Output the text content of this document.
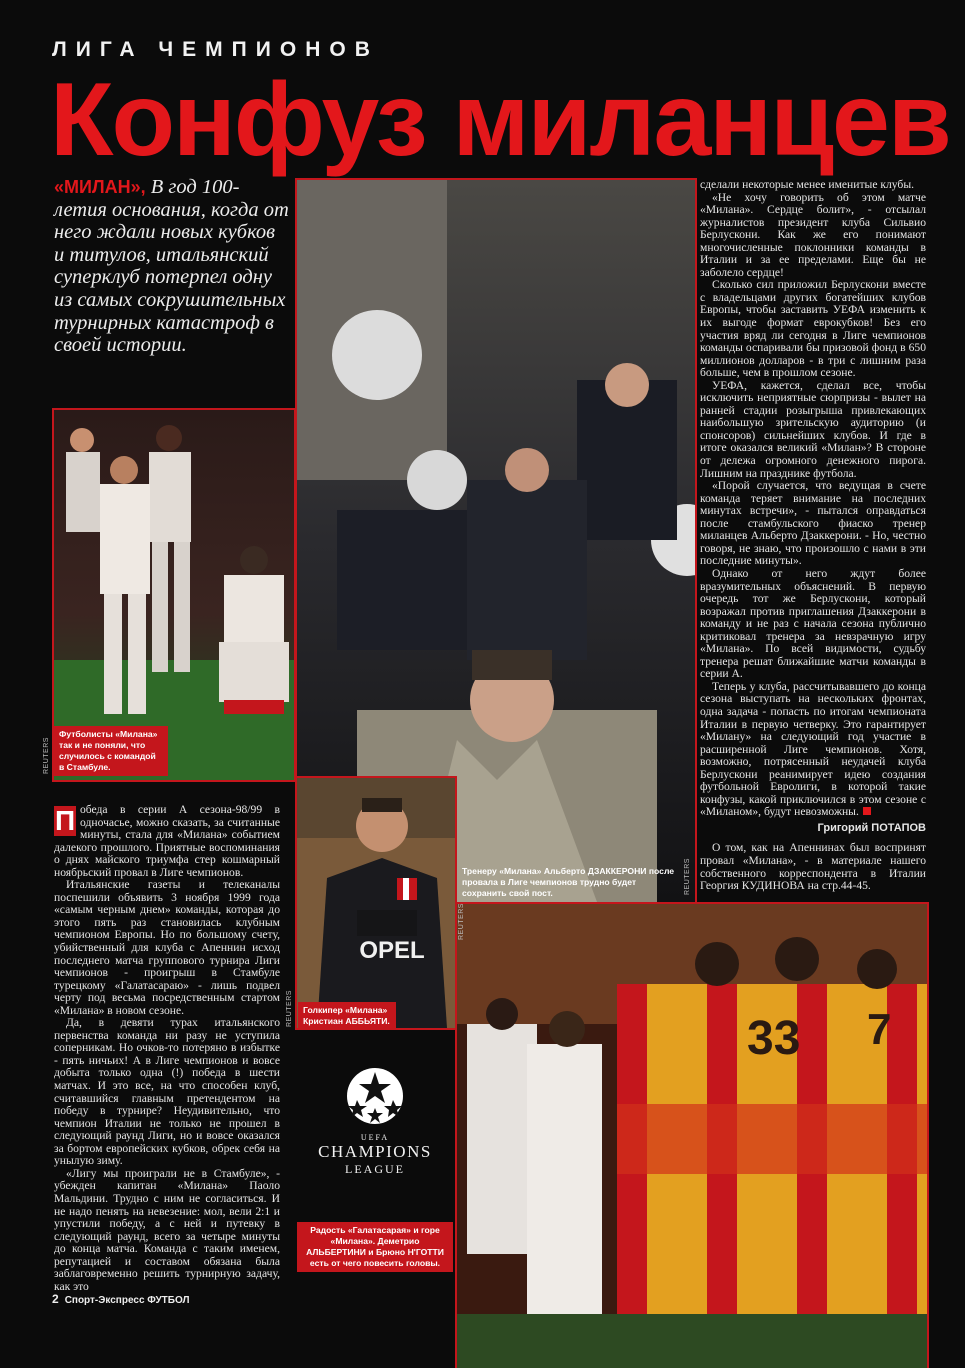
ЛИГА ЧЕМПИОНОВ
Конфуз миланцев
«МИЛАН», В год 100-летия основания, когда от него ждали новых кубков и титулов, итальянский суперклуб потерпел одну из самых сокрушительных турнирных катастроф в своей истории.
Футболисты «Милана» так и не поняли, что случилось с командой в Стамбуле.
REUTERS
Тренеру «Милана» Альберто ДЗАККЕРОНИ после провала в Лиге чемпионов трудно будет сохранить свой пост.	REUTERS
OPEL
Голкипер «Милана» Кристиан АББЬЯТИ.
REUTERS
33 7
Радость «Галатасарая» и горе «Милана». Деметрио АЛЬБЕРТИНИ и Брюно Н'ГОТТИ есть от чего повесить головы.
REUTERS
UEFA
CHAMPIONS
LEAGUE

П обеда в серии А сезона-98/99 в одночасье, можно сказать, за считанные минуты, стала для «Милана» событием далекого прошлого. Приятные воспоминания о днях майского триумфа стер кошмарный ноябрьский провал в Лиге чемпионов.

Итальянские газеты и телеканалы поспешили объявить 3 ноября 1999 года «самым черным днем» команды, которая до этого пять раз становилась клубным чемпионом Европы. Но по большому счету, убийственный для клуба с Апеннин исход последнего матча группового турнира Лиги чемпионов - проигрыш в Стамбуле турецкому «Галатасараю» - лишь подвел черту под весьма посредственным стартом «Милана» в новом сезоне.

Да, в девяти турах итальянского первенства команда ни разу не уступила соперникам. Но очков-то потеряно в избытке - пять ничьих! А в Лиге чемпионов и вовсе добыта только одна (!) победа в шести матчах. И это все, на что способен клуб, считавшийся главным претендентом на победу в турнире? Неудивительно, что чемпион Италии не только не прошел в следующий раунд Лиги, но и вовсе оказался за бортом европейских кубков, обрек себя на унылую зиму.

«Лигу мы проиграли не в Стамбуле», - убежден капитан «Милана» Паоло Мальдини. Трудно с ним не согласиться. И не надо пенять на невезение: мол, вели 2:1 и упустили победу, а с ней и путевку в следующий раунд, всего за четыре минуты до конца матча. Команда с таким именем, репутацией и составом обязана была заблаговременно решить турнирную задачу, как это

сделали некоторые менее именитые клубы.

«Не хочу говорить об этом матче «Милана». Сердце болит», - отсылал журналистов президент клуба Сильвио Берлускони. Как же его понимают многочисленные поклонники команды в Италии и за ее пределами. Еще бы не заболело сердце!

Сколько сил приложил Берлускони вместе с владельцами других богатейших клубов Европы, чтобы заставить УЕФА изменить к их выгоде формат еврокубков! Без его участия вряд ли сегодня в Лиге чемпионов команды оспаривали бы призовой фонд в 650 миллионов долларов - в три с лишним раза больше, чем в прошлом сезоне.

УЕФА, кажется, сделал все, чтобы исключить неприятные сюрпризы - вылет на ранней стадии розыгрыша привлекающих наибольшую зрительскую аудиторию (и спонсоров) сильнейших клубов. И где в итоге оказался великий «Милан»? В стороне от дележа огромного денежного пирога. Лишним на празднике футбола.

«Порой случается, что ведущая в счете команда теряет внимание на последних минутах встречи», - пытался оправдаться после стамбульского фиаско тренер миланцев Альберто Дзаккерони. - Но, честно говоря, не знаю, что произошло с нами в эти последние минуты».

Однако от него ждут более вразумительных объяснений. В первую очередь тот же Берлускони, который возражал против приглашения Дзаккерони в команду и не раз с начала сезона публично критиковал тренера за невзрачную игру «Милана». По всей видимости, судьбу тренера решат ближайшие матчи команды в серии А.

Теперь у клуба, рассчитывавшего до конца сезона выступать на нескольких фронтах, одна задача - попасть по итогам чемпионата Италии в первую четверку. Это гарантирует «Милану» на следующий год участие в расширенной Лиге чемпионов. Хотя, возможно, потрясенный неудачей клуба Берлускони реанимирует идею создания футбольной Евролиги, в которой такие конфузы, какой приключился в этом сезоне с «Миланом», будут невозможны.

Григорий ПОТАПОВ

О том, как на Апеннинах был воспринят провал «Милана», - в материале нашего собственного корреспондента в Италии Георгия КУДИНОВА на стр.44-45.

2 Спорт-Экспресс ФУТБОЛ
